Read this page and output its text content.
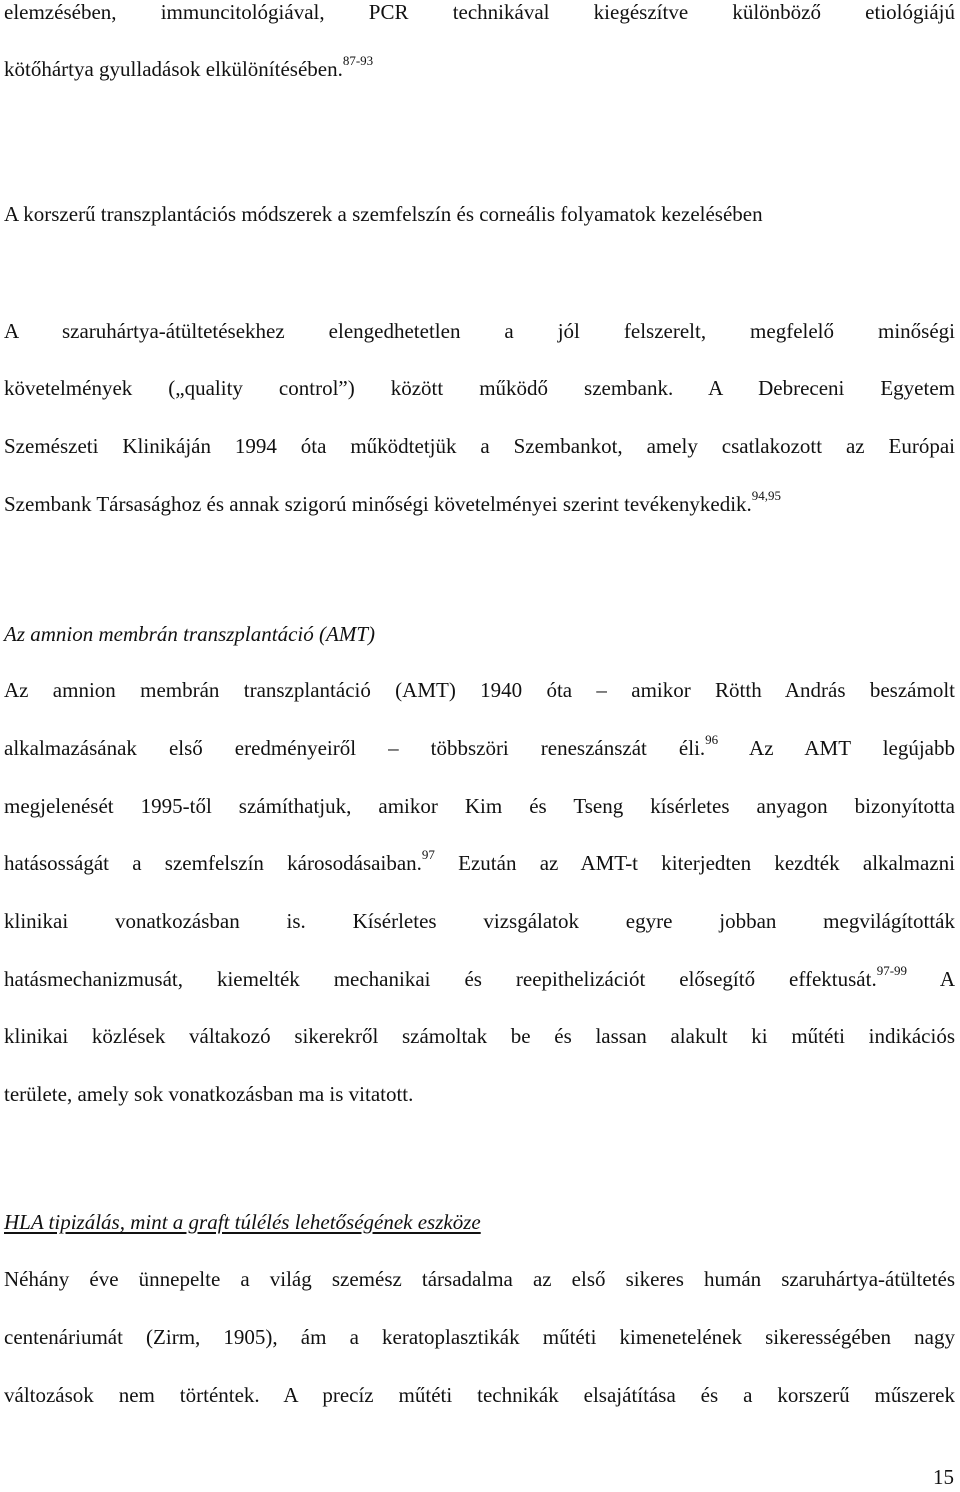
elemzésében, immuncitológiával, PCR technikával kiegészítve különböző etiológiájú
kötőhártya gyulladások elkülönítésében.$^{87-93}$
A korszerű transzplantációs módszerek a szemfelszín és corneális folyamatok kezelésében
A szaruhártya-átültetésekhez elengedhetetlen a jól felszerelt, megfelelő minőségi
követelmények („quality control”) között működő szembank. A Debreceni Egyetem
Szemészeti Klinikáján 1994 óta működtetjük a Szembankot, amely csatlakozott az Európai
Szembank Társasághoz és annak szigorú minőségi követelményei szerint tevékenykedik.$^{94,95}$
Az amnion membrán transzplantáció (AMT)
Az amnion membrán transzplantáció (AMT) 1940 óta – amikor Rötth András beszámolt
alkalmazásának első eredményeiről – többszöri reneszánszát éli.$^{96}$ Az AMT legújabb
megjelenését 1995-től számíthatjuk, amikor Kim és Tseng kísérletes anyagon bizonyította
hatásosságát a szemfelszín károsodásaiban.$^{97}$ Ezután az AMT-t kiterjedten kezdték alkalmazni
klinikai vonatkozásban is. Kísérletes vizsgálatok egyre jobban megvilágították
hatásmechanizmusát, kiemelték mechanikai és reepithelizációt elősegítő effektusát.$^{97-99}$ A
klinikai közlések váltakozó sikerekről számoltak be és lassan alakult ki műtéti indikációs
területe, amely sok vonatkozásban ma is vitatott.
HLA tipizálás, mint a graft túlélés lehetőségének eszköze
Néhány éve ünnepelte a világ szemész társadalma az első sikeres humán szaruhártya-átültetés
centenáriumát (Zirm, 1905), ám a keratoplasztikák műtéti kimenetelének sikerességében nagy
változások nem történtek. A precíz műtéti technikák elsajátítása és a korszerű műszerek
15
